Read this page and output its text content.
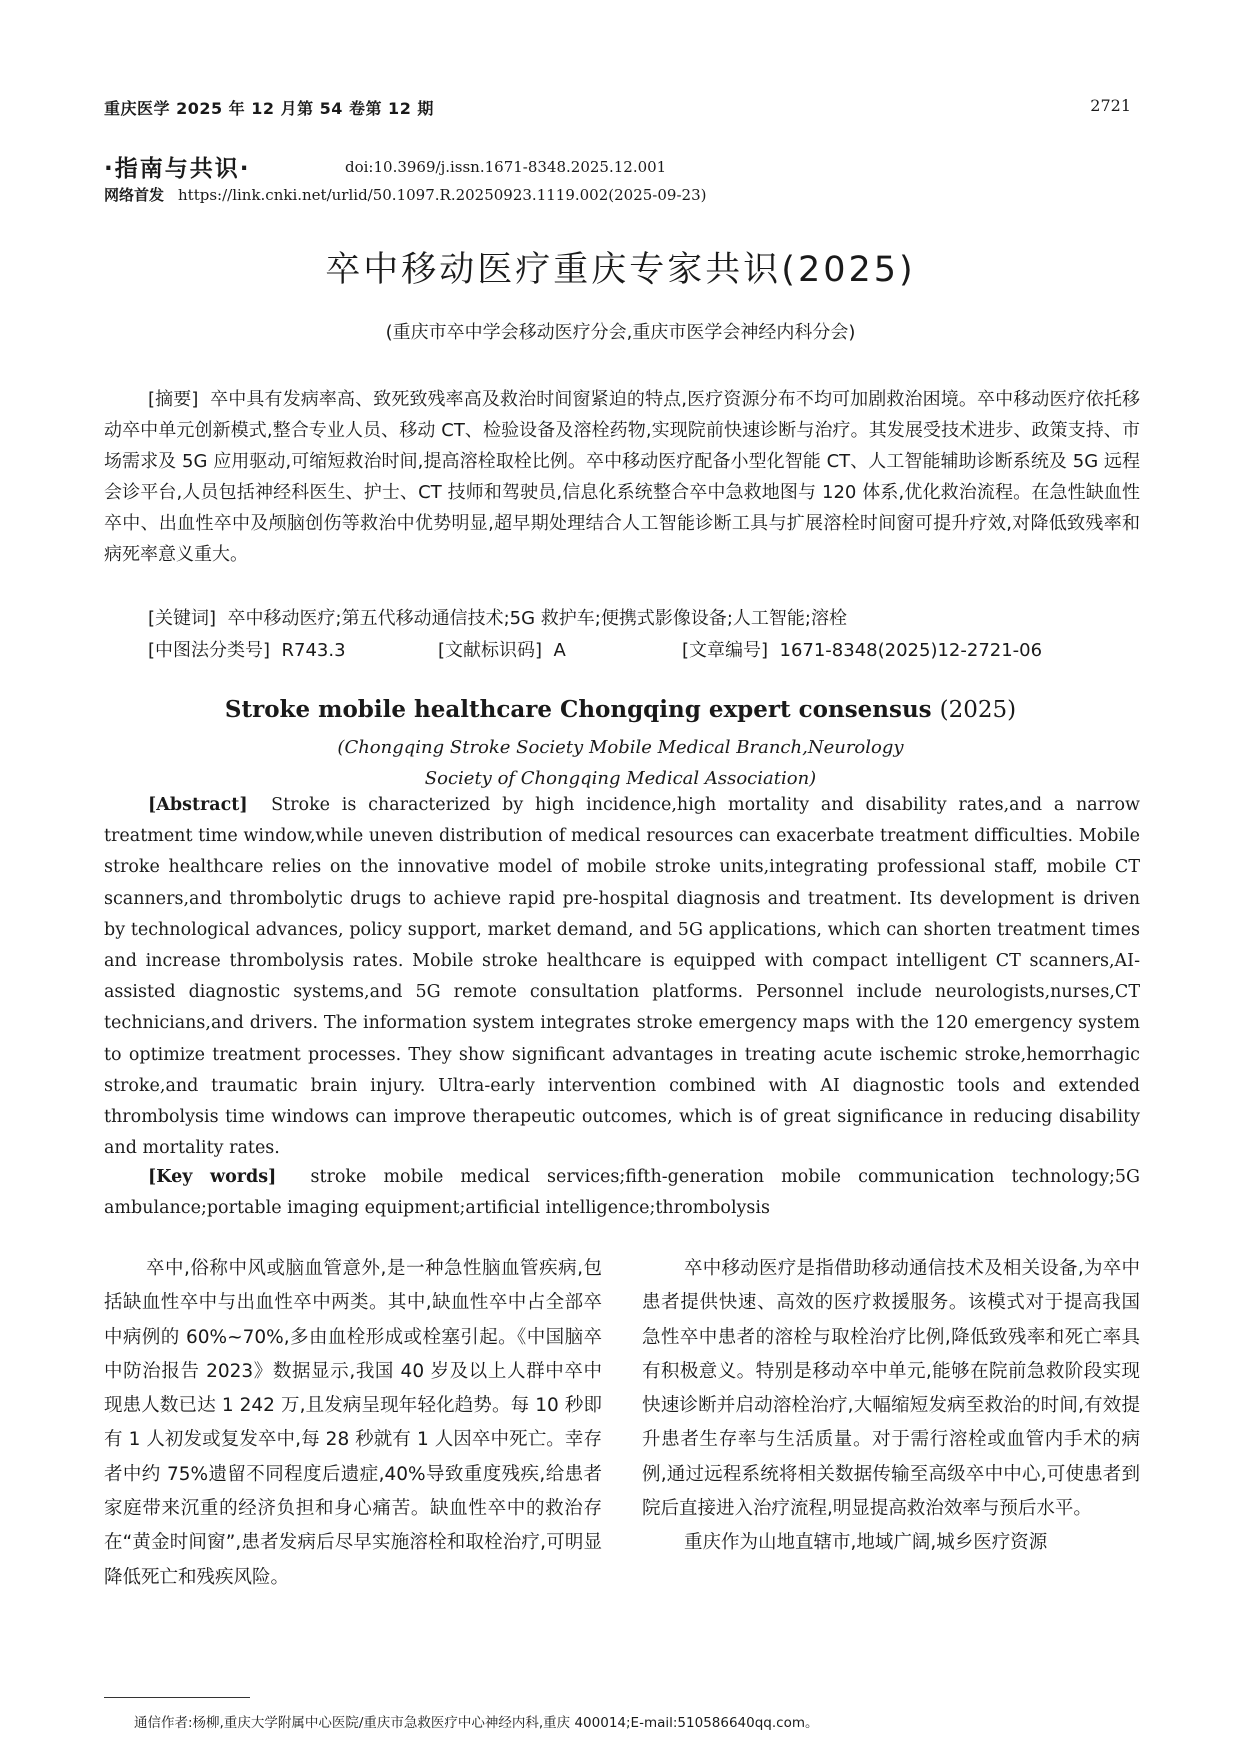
重庆医学 2025 年 12 月第 54 卷第 12 期	2721
·指南与共识·	doi:10.3969/j.issn.1671-8348.2025.12.001
网络首发 https://link.cnki.net/urlid/50.1097.R.20250923.1119.002(2025-09-23)
卒中移动医疗重庆专家共识(2025)
(重庆市卒中学会移动医疗分会,重庆市医学会神经内科分会)

[摘要] 卒中具有发病率高、致死致残率高及救治时间窗紧迫的特点,医疗资源分布不均可加剧救治困境。卒中移动医疗依托移动卒中单元创新模式,整合专业人员、移动 CT、检验设备及溶栓药物,实现院前快速诊断与治疗。其发展受技术进步、政策支持、市场需求及 5G 应用驱动,可缩短救治时间,提高溶栓取栓比例。卒中移动医疗配备小型化智能 CT、人工智能辅助诊断系统及 5G 远程会诊平台,人员包括神经科医生、护士、CT 技师和驾驶员,信息化系统整合卒中急救地图与 120 体系,优化救治流程。在急性缺血性卒中、出血性卒中及颅脑创伤等救治中优势明显,超早期处理结合人工智能诊断工具与扩展溶栓时间窗可提升疗效,对降低致残率和病死率意义重大。

[关键词] 卒中移动医疗;第五代移动通信技术;5G 救护车;便携式影像设备;人工智能;溶栓
[中图法分类号] R743.3	[文献标识码] A	[文章编号] 1671-8348(2025)12-2721-06
Stroke mobile healthcare Chongqing expert consensus (2025)
(Chongqing Stroke Society Mobile Medical Branch,Neurology
Society of Chongqing Medical Association)

[Abstract] Stroke is characterized by high incidence,high mortality and disability rates,and a narrow treatment time window,while uneven distribution of medical resources can exacerbate treatment difficulties. Mobile stroke healthcare relies on the innovative model of mobile stroke units,integrating professional staff, mobile CT scanners,and thrombolytic drugs to achieve rapid pre-hospital diagnosis and treatment. Its development is driven by technological advances, policy support, market demand, and 5G applications, which can shorten treatment times and increase thrombolysis rates. Mobile stroke healthcare is equipped with compact intelligent CT scanners,AI-assisted diagnostic systems,and 5G remote consultation platforms. Personnel include neurologists,nurses,CT technicians,and drivers. The information system integrates stroke emergency maps with the 120 emergency system to optimize treatment processes. They show significant advantages in treating acute ischemic stroke,hemorrhagic stroke,and traumatic brain injury. Ultra-early intervention combined with AI diagnostic tools and extended thrombolysis time windows can improve therapeutic outcomes, which is of great significance in reducing disability and mortality rates.

[Key words] stroke mobile medical services;fifth-generation mobile communication technology;5G ambulance;portable imaging equipment;artificial intelligence;thrombolysis

卒中,俗称中风或脑血管意外,是一种急性脑血管疾病,包括缺血性卒中与出血性卒中两类。其中,缺血性卒中占全部卒中病例的 60%~70%,多由血栓形成或栓塞引起。《中国脑卒中防治报告 2023》数据显示,我国 40 岁及以上人群中卒中现患人数已达 1 242 万,且发病呈现年轻化趋势。每 10 秒即有 1 人初发或复发卒中,每 28 秒就有 1 人因卒中死亡。幸存者中约 75%遗留不同程度后遗症,40%导致重度残疾,给患者家庭带来沉重的经济负担和身心痛苦。缺血性卒中的救治存在“黄金时间窗”,患者发病后尽早实施溶栓和取栓治疗,可明显降低死亡和残疾风险。

卒中移动医疗是指借助移动通信技术及相关设备,为卒中患者提供快速、高效的医疗救援服务。该模式对于提高我国急性卒中患者的溶栓与取栓治疗比例,降低致残率和死亡率具有积极意义。特别是移动卒中单元,能够在院前急救阶段实现快速诊断并启动溶栓治疗,大幅缩短发病至救治的时间,有效提升患者生存率与生活质量。对于需行溶栓或血管内手术的病例,通过远程系统将相关数据传输至高级卒中中心,可使患者到院后直接进入治疗流程,明显提高救治效率与预后水平。

重庆作为山地直辖市,地域广阔,城乡医疗资源

通信作者:杨柳,重庆大学附属中心医院/重庆市急救医疗中心神经内科,重庆 400014;E-mail:510586640qq.com。
